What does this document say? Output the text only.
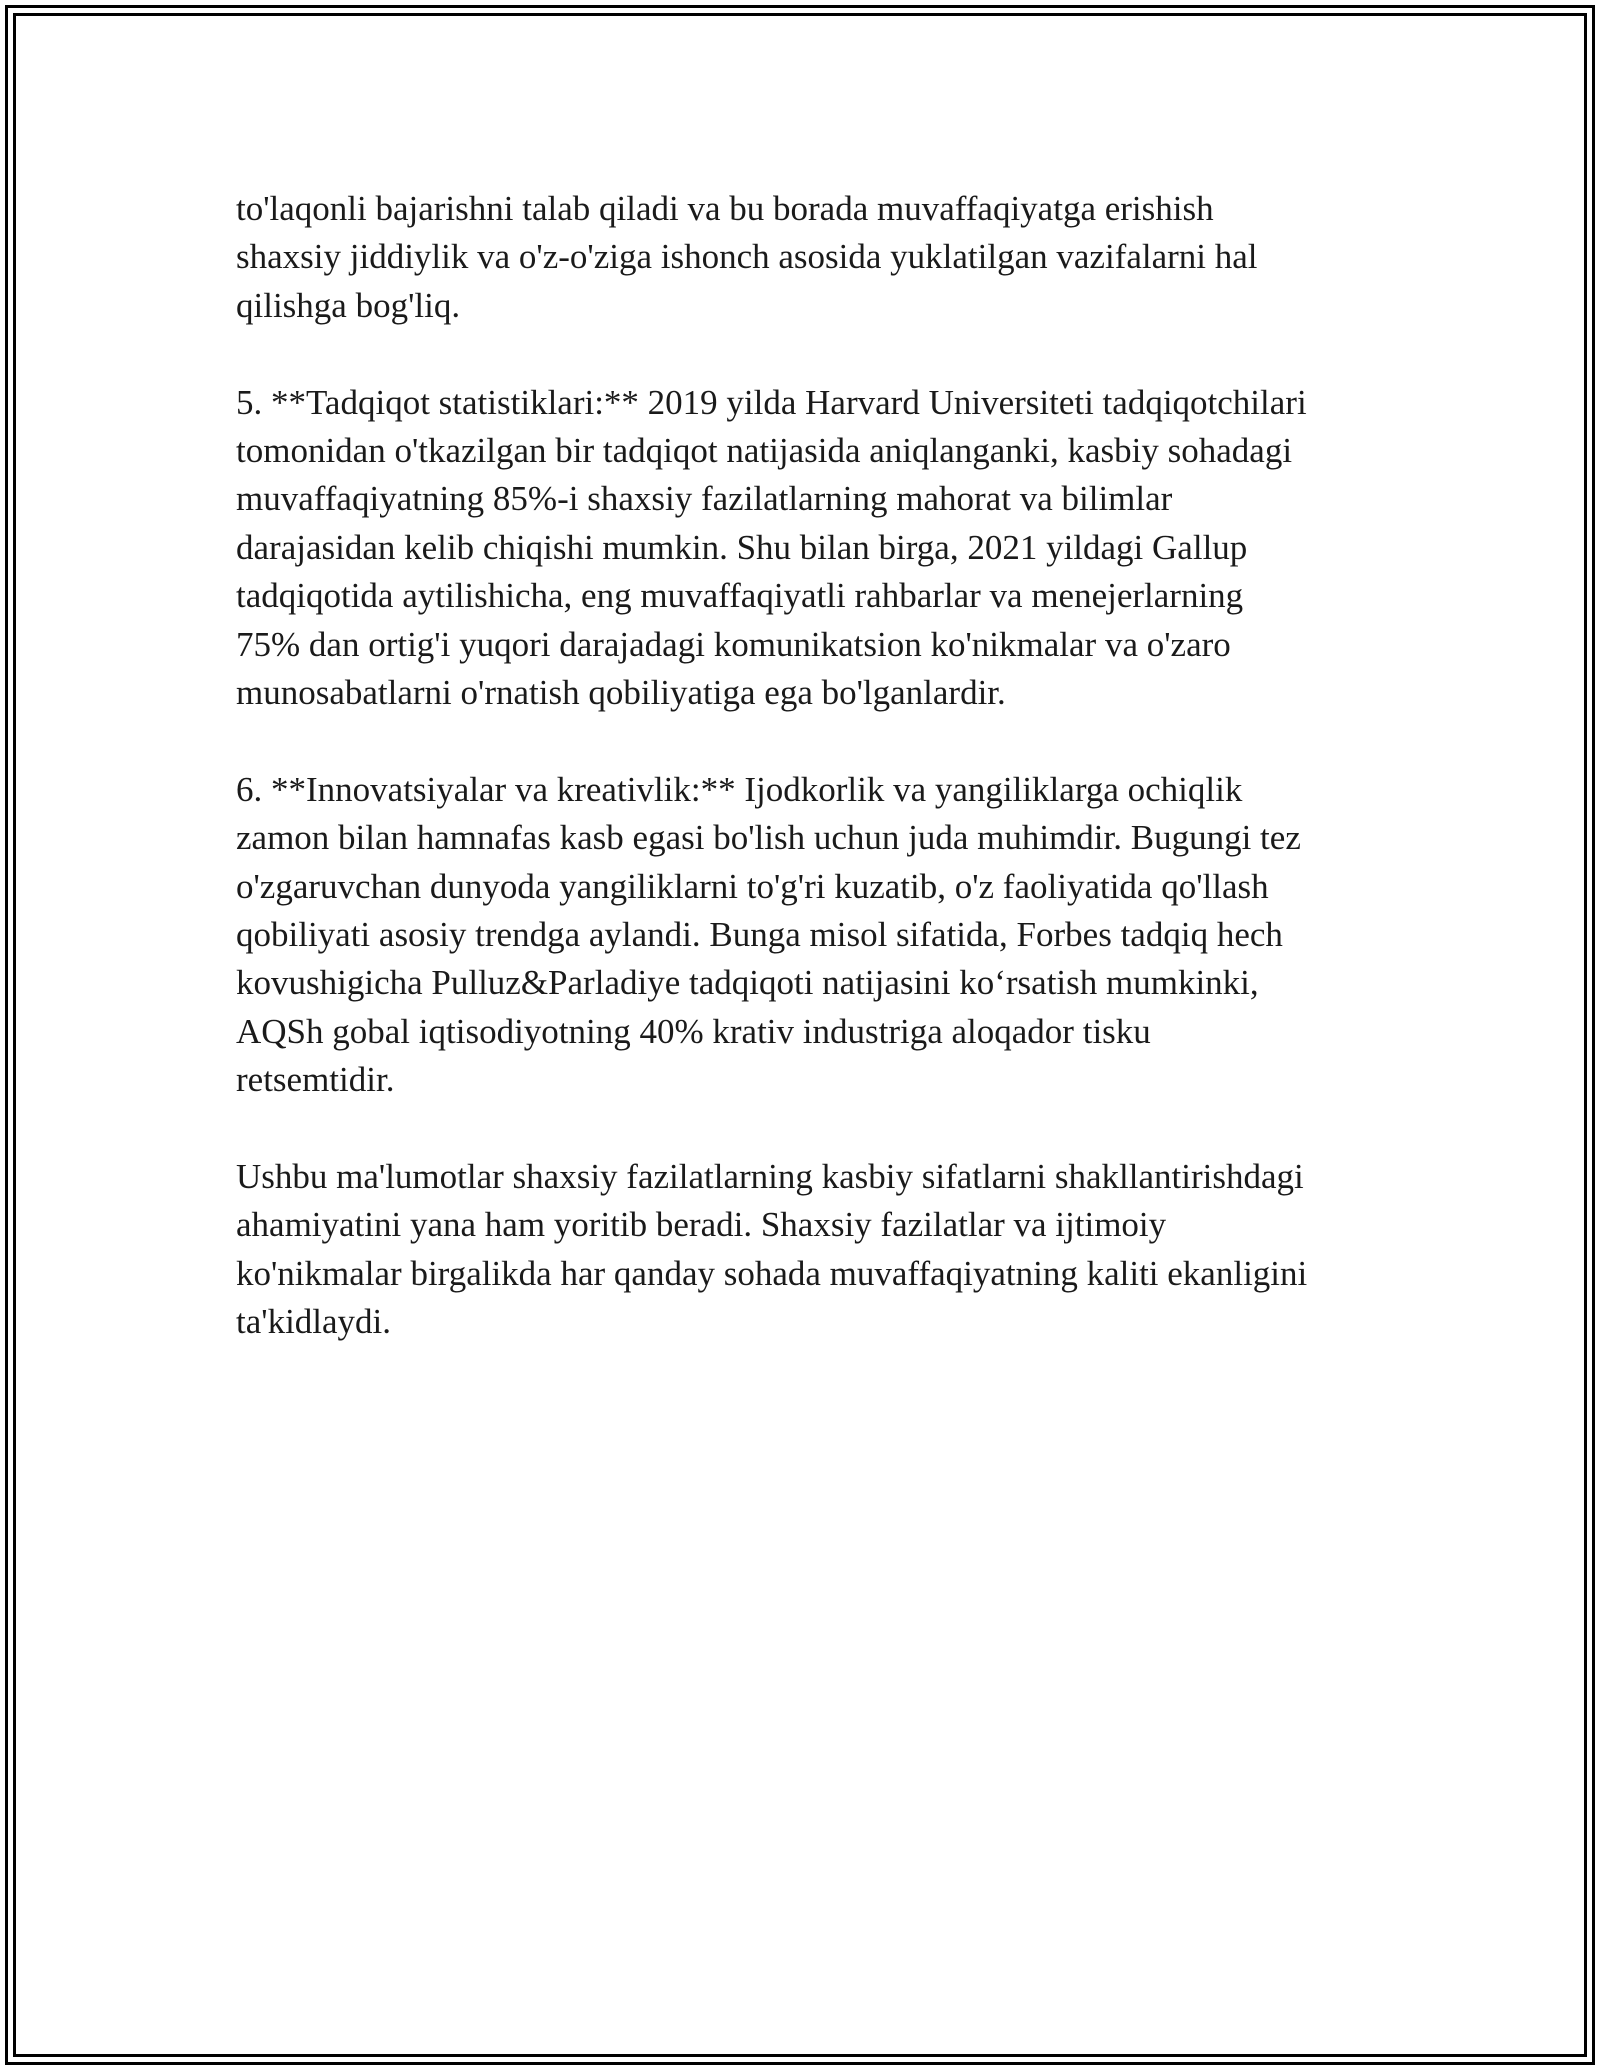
to'laqonli bajarishni talab qiladi va bu borada muvaffaqiyatga erishish
shaxsiy jiddiylik va o'z-o'ziga ishonch asosida yuklatilgan vazifalarni hal
qilishga bog'liq.

5. **Tadqiqot statistiklari:** 2019 yilda Harvard Universiteti tadqiqotchilari
tomonidan o'tkazilgan bir tadqiqot natijasida aniqlanganki, kasbiy sohadagi
muvaffaqiyatning 85%-i shaxsiy fazilatlarning mahorat va bilimlar
darajasidan kelib chiqishi mumkin. Shu bilan birga, 2021 yildagi Gallup
tadqiqotida aytilishicha, eng muvaffaqiyatli rahbarlar va menejerlarning
75% dan ortig'i yuqori darajadagi komunikatsion ko'nikmalar va o'zaro
munosabatlarni o'rnatish qobiliyatiga ega bo'lganlardir.

6. **Innovatsiyalar va kreativlik:** Ijodkorlik va yangiliklarga ochiqlik
zamon bilan hamnafas kasb egasi bo'lish uchun juda muhimdir. Bugungi tez
o'zgaruvchan dunyoda yangiliklarni to'g'ri kuzatib, o'z faoliyatida qo'llash
qobiliyati asosiy trendga aylandi. Bunga misol sifatida, Forbes tadqiq hech
kovushigicha Pulluz&Parladiye tadqiqoti natijasini ko‘rsatish mumkinki,
AQSh gobal iqtisodiyotning 40% krativ industriga aloqador tisku
retsemtidir.

Ushbu ma'lumotlar shaxsiy fazilatlarning kasbiy sifatlarni shakllantirishdagi
ahamiyatini yana ham yoritib beradi. Shaxsiy fazilatlar va ijtimoiy
ko'nikmalar birgalikda har qanday sohada muvaffaqiyatning kaliti ekanligini
ta'kidlaydi.
